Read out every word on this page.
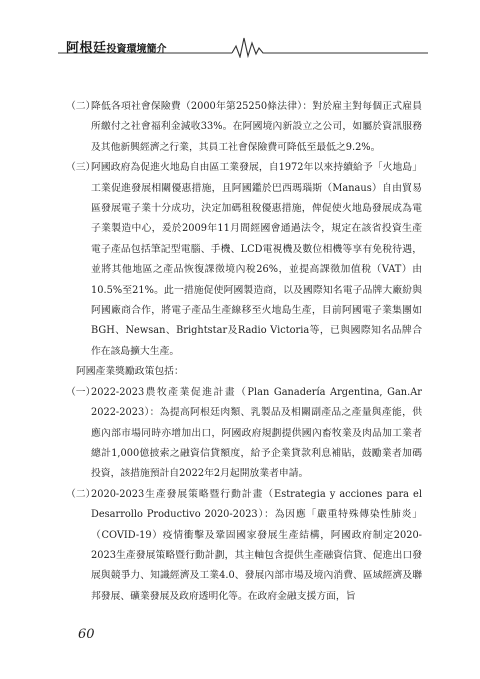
阿根廷投資環境簡介
（二）
降低各項社會保險費（2000年第25250條法律）：對於雇主對每個正式雇員所繳付之社會福利金減收33%。在阿國境內新設立之公司，如屬於資訊服務及其他新興經濟之行業，其員工社會保險費可降低至最低之9.2%。
（三）
阿國政府為促進火地島自由區工業發展，自1972年以來持續給予「火地島」工業促進發展相關優惠措施，且阿國鑑於巴西瑪瑙斯（Manaus）自由貿易區發展電子業十分成功，決定加碼租稅優惠措施，俾促使火地島發展成為電子業製造中心，爰於2009年11月間經國會通過法令，規定在該省投資生產電子產品包括筆記型電腦、手機、LCD電視機及數位相機等享有免稅待遇，並將其他地區之產品恢復課徵境內稅26%，並提高課徵加值稅（VAT）由10.5%至21%。此一措施促使阿國製造商，以及國際知名電子品牌大廠紛與阿國廠商合作，將電子產品生產線移至火地島生產，目前阿國電子業集團如BGH、Newsan、Brightstar及Radio Victoria等，已與國際知名品牌合作在該島擴大生產。
阿國產業獎勵政策包括：
（一）
2022-2023農牧產業促進計畫（Plan Ganadería Argentina, Gan.Ar 2022-2023）：為提高阿根廷肉類、乳製品及相關副產品之產量與產能，供應內部市場同時亦增加出口，阿國政府規劃提供國內畜牧業及肉品加工業者總計1,000億披索之融資信貸額度，給予企業貸款利息補貼，鼓勵業者加碼投資，該措施預計自2022年2月起開放業者申請。
（二）
2020-2023生產發展策略暨行動計畫（Estrategia y acciones para el Desarrollo Productivo 2020-2023）：為因應「嚴重特殊傳染性肺炎」（COVID-19）疫情衝擊及鞏固國家發展生產結構，阿國政府制定2020-2023生產發展策略暨行動計劃，其主軸包含提供生產融資信貸、促進出口發展與競爭力、知識經濟及工業4.0、發展內部市場及境內消費、區域經濟及聯邦發展、礦業發展及政府透明化等。在政府金融支援方面，旨
60
